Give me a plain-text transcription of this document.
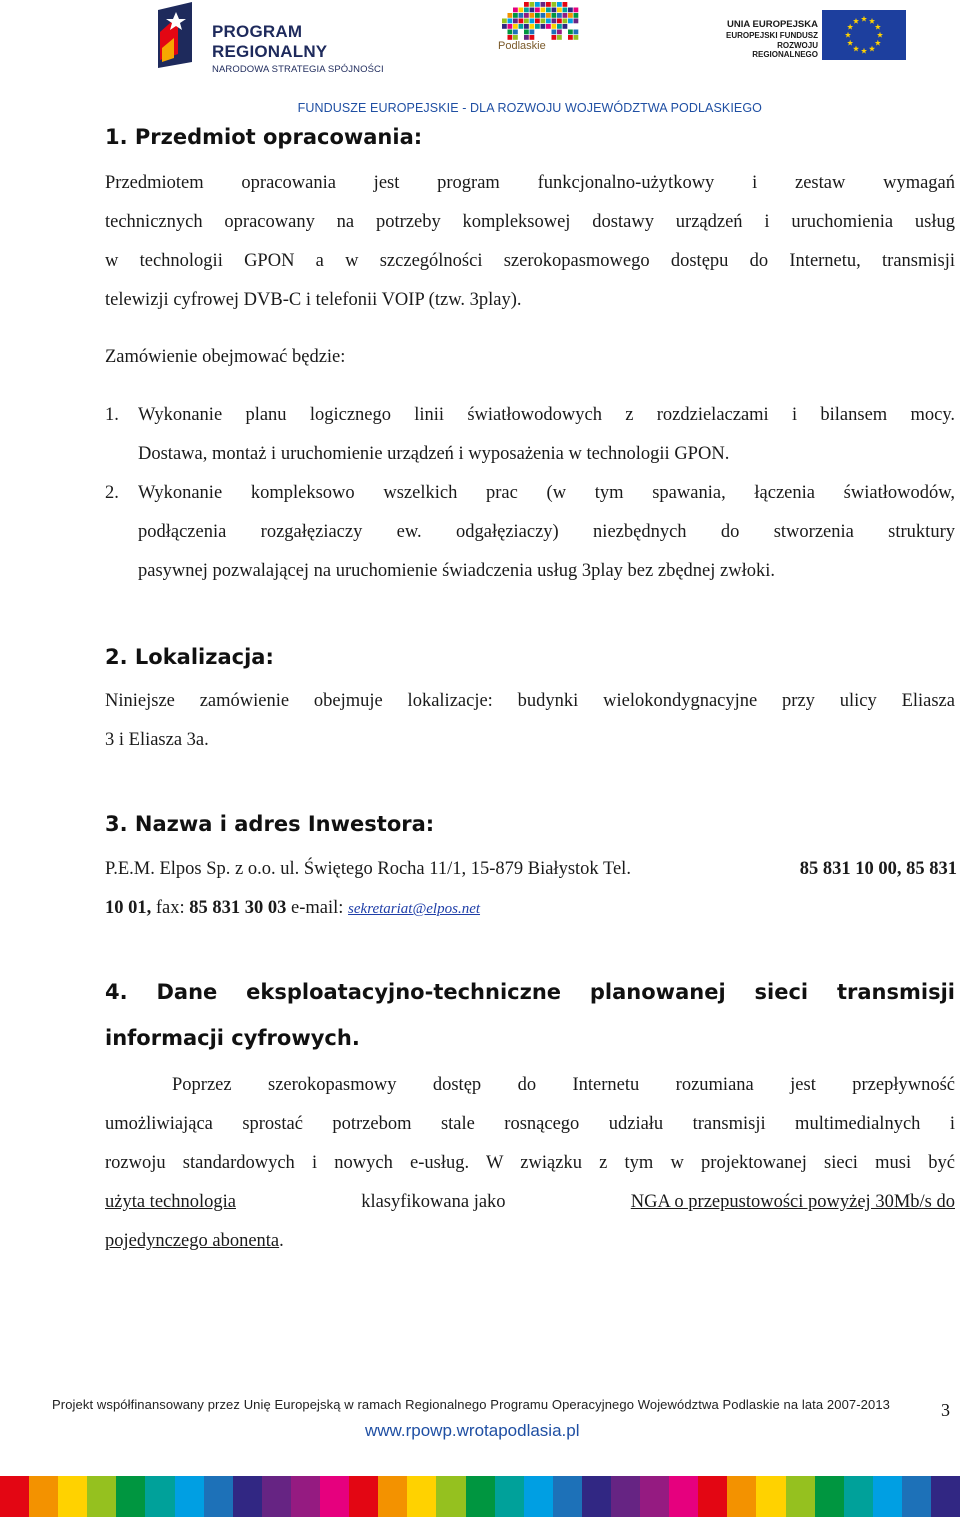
PROGRAM REGIONALNY
NARODOWA STRATEGIA SPÓJNOŚCI
Podlaskie
UNIA EUROPEJSKA
EUROPEJSKI FUNDUSZ
ROZWOJU REGIONALNEGO
FUNDUSZE EUROPEJSKIE - DLA ROZWOJU WOJEWÓDZTWA PODLASKIEGO
1. Przedmiot opracowania:
Przedmiotem opracowania jest program funkcjonalno-użytkowy i zestaw wymagań
technicznych opracowany na potrzeby kompleksowej dostawy urządzeń i uruchomienia usług
w technologii GPON a w szczególności szerokopasmowego dostępu do Internetu, transmisji
telewizji cyfrowej DVB-C i telefonii VOIP (tzw. 3play).
Zamówienie obejmować będzie:
1. Wykonanie planu logicznego linii światłowodowych z rozdzielaczami i bilansem mocy.
Dostawa, montaż i uruchomienie urządzeń i wyposażenia w technologii GPON.
2. Wykonanie kompleksowo wszelkich prac (w tym spawania, łączenia światłowodów,
podłączenia rozgałęziaczy ew. odgałęziaczy) niezbędnych do stworzenia struktury
pasywnej pozwalającej na uruchomienie świadczenia usług 3play bez zbędnej zwłoki.
2. Lokalizacja:
Niniejsze zamówienie obejmuje lokalizacje: budynki wielokondygnacyjne przy ulicy Eliasza
3 i Eliasza 3a.
3. Nazwa i adres Inwestora:
P.E.M. Elpos Sp. z o.o. ul. Świętego Rocha 11/1, 15-879 Białystok Tel.	85 831 10 00, 85 831
10 01, fax: 85 831 30 03 e-mail: sekretariat@elpos.net
4. Dane eksploatacyjno-techniczne planowanej sieci transmisji
informacji cyfrowych.
Poprzez szerokopasmowy dostęp do Internetu rozumiana jest przepływność
umożliwiająca sprostać potrzebom stale rosnącego udziału transmisji multimedialnych i
rozwoju standardowych i nowych e-usług. W związku z tym w projektowanej sieci musi być
użyta technologia	klasyfikowana jako	NGA o przepustowości powyżej 30Mb/s do
pojedynczego abonenta.
Projekt współfinansowany przez Unię Europejską w ramach Regionalnego Programu Operacyjnego Województwa Podlaskie na lata 2007-2013
www.rpowp.wrotapodlasia.pl
3
